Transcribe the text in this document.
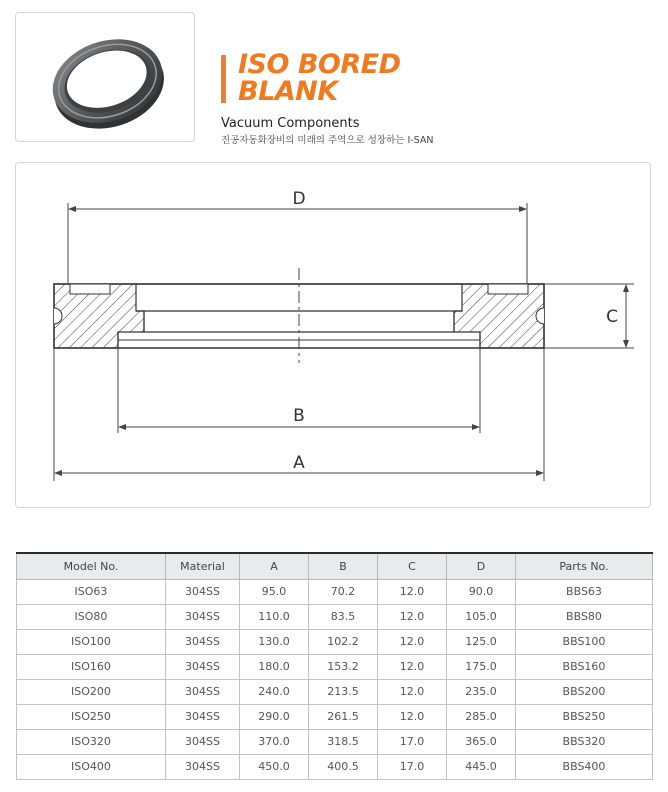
ISO BORED
BLANK
Vacuum Components
진공자동화장비의 미래의 주역으로 성장하는 I-SAN
D
C
B
A
Model No.	Material	A	B	C	D	Parts No.
ISO63	304SS	95.0	70.2	12.0	90.0	BBS63
ISO80	304SS	110.0	83.5	12.0	105.0	BBS80
ISO100	304SS	130.0	102.2	12.0	125.0	BBS100
ISO160	304SS	180.0	153.2	12.0	175.0	BBS160
ISO200	304SS	240.0	213.5	12.0	235.0	BBS200
ISO250	304SS	290.0	261.5	12.0	285.0	BBS250
ISO320	304SS	370.0	318.5	17.0	365.0	BBS320
ISO400	304SS	450.0	400.5	17.0	445.0	BBS400
